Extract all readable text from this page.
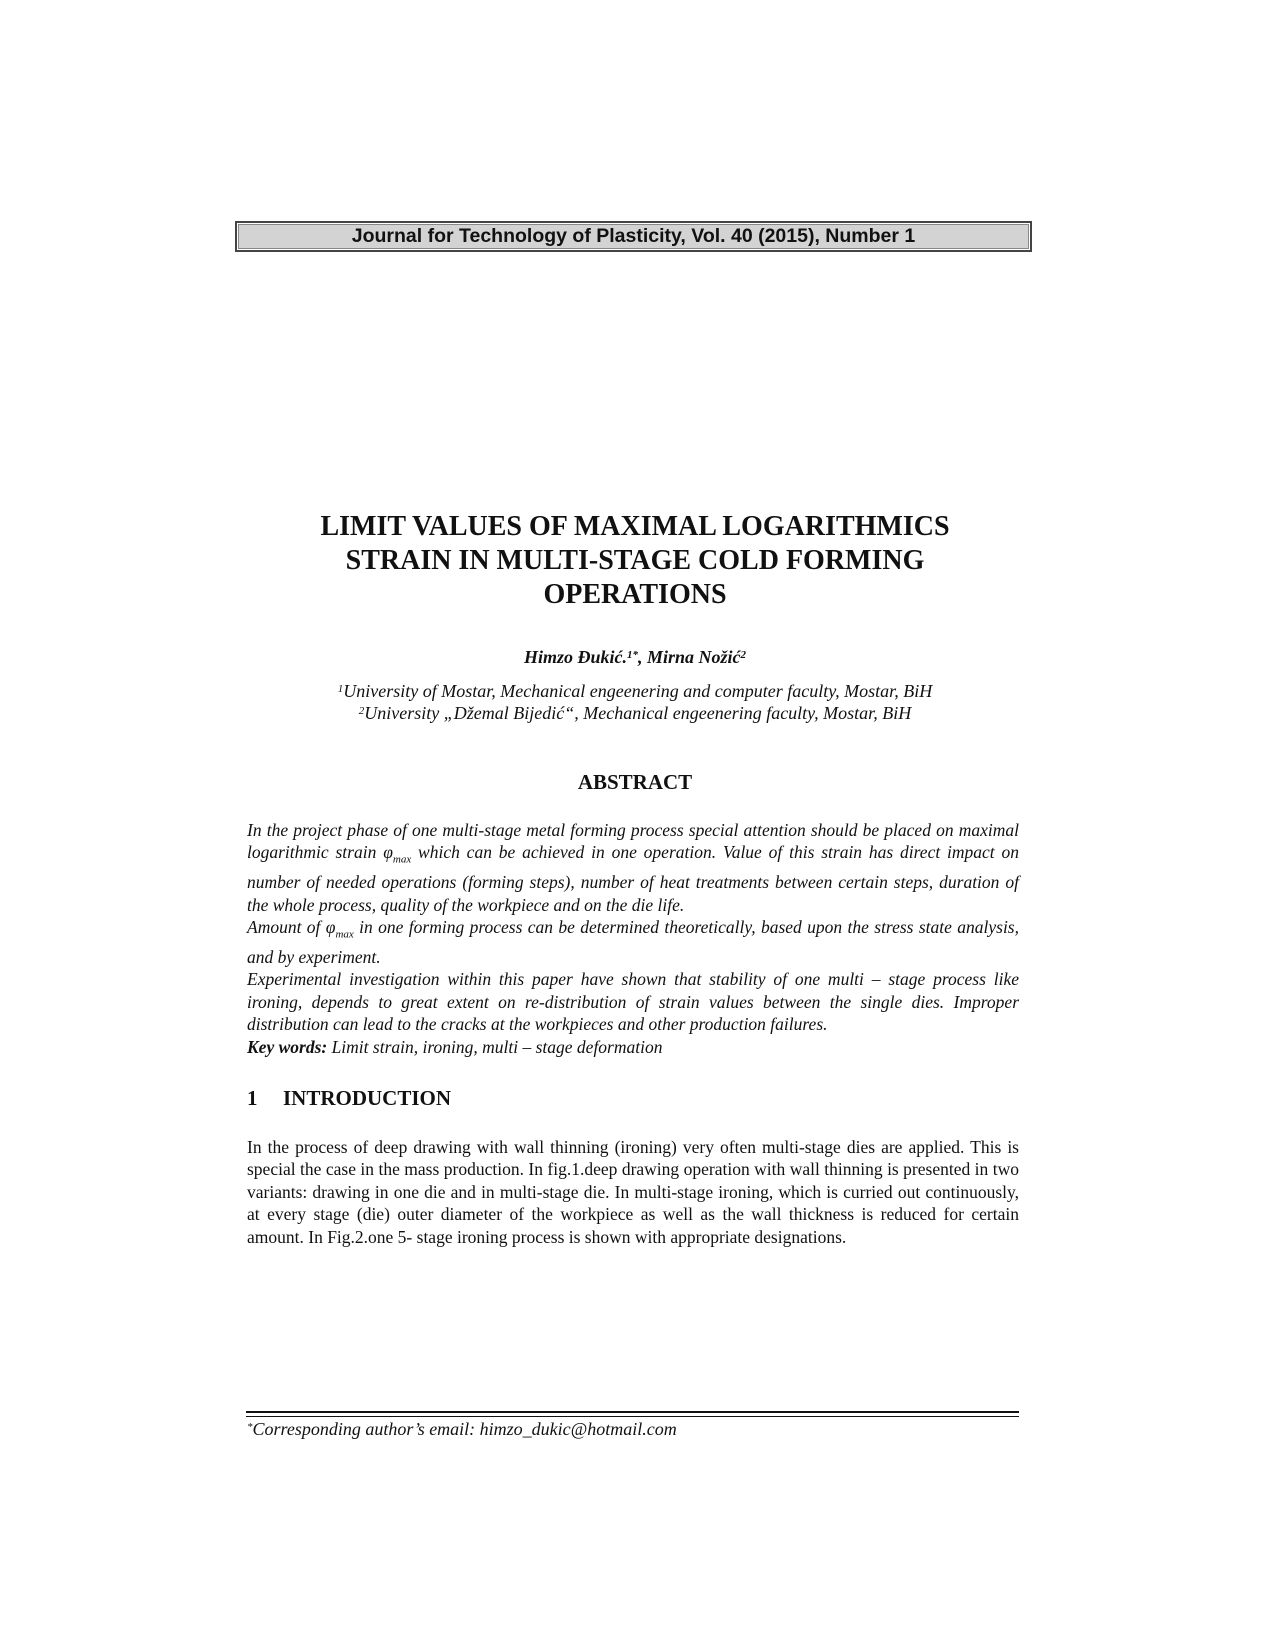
Journal for Technology of Plasticity, Vol. 40 (2015), Number 1
LIMIT VALUES OF MAXIMAL LOGARITHMICS
STRAIN IN MULTI-STAGE COLD FORMING
OPERATIONS
Himzo Đukić.$^{1*}$, Mirna Nožić$^2$
$^1$University of Mostar, Mechanical engeenering and computer faculty, Mostar, BiH
$^2$University „Džemal Bijedić“, Mechanical engeenering faculty, Mostar, BiH
ABSTRACT

In the project phase of one multi-stage metal forming process special attention should be placed on maximal logarithmic strain $\varphi_{max}$ which can be achieved in one operation. Value of this strain has direct impact on number of needed operations (forming steps), number of heat treatments between certain steps, duration of the whole process, quality of the workpiece and on the die life.

Amount of $\varphi_{max}$ in one forming process can be determined theoretically, based upon the stress state analysis, and by experiment.

Experimental investigation within this paper have shown that stability of one multi – stage process like ironing, depends to great extent on re-distribution of strain values between the single dies. Improper distribution can lead to the cracks at the workpieces and other production failures.

Key words: Limit strain, ironing, multi – stage deformation

1 INTRODUCTION

In the process of deep drawing with wall thinning (ironing) very often multi-stage dies are applied. This is special the case in the mass production. In fig.1.deep drawing operation with wall thinning is presented in two variants: drawing in one die and in multi-stage die. In multi-stage ironing, which is curried out continuously, at every stage (die) outer diameter of the workpiece as well as the wall thickness is reduced for certain amount. In Fig.2.one 5- stage ironing process is shown with appropriate designations.

*Corresponding author’s email: himzo_dukic@hotmail.com
